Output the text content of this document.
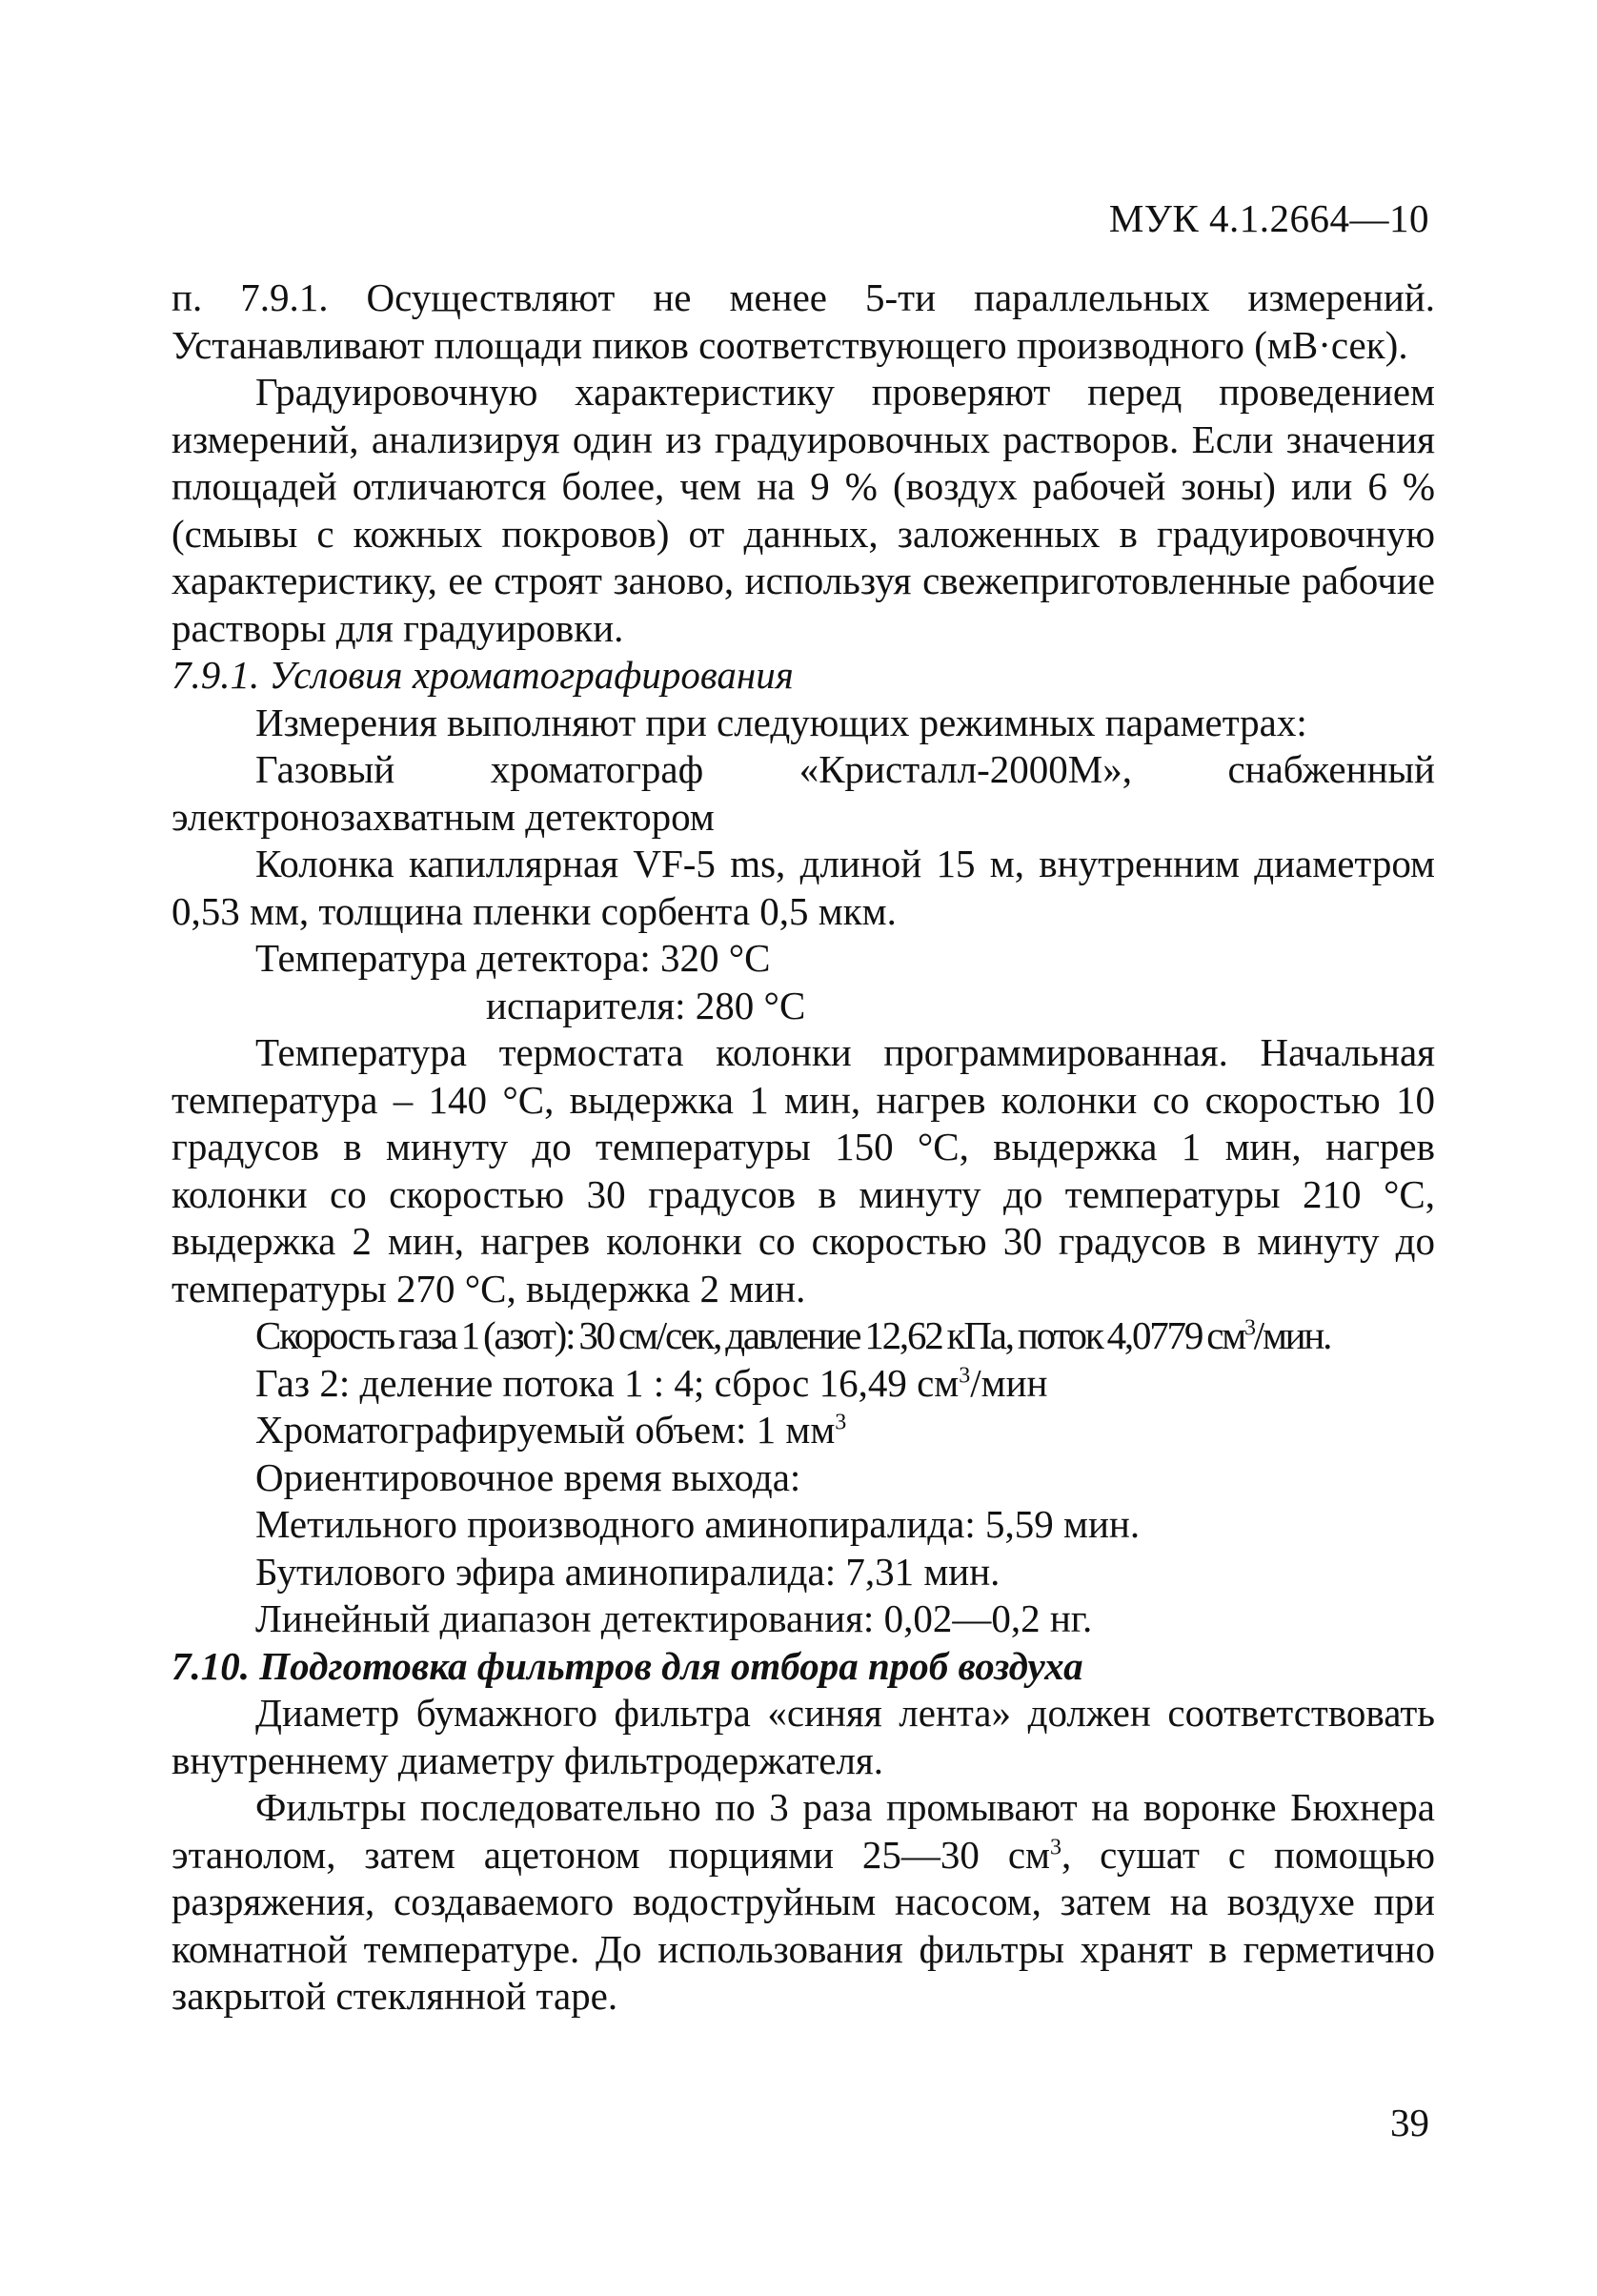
МУК 4.1.2664—10

п. 7.9.1. Осуществляют не менее 5-ти параллельных измерений. Устанавливают площади пиков соответствующего производного (мВ·сек).

Градуировочную характеристику проверяют перед проведением измерений, анализируя один из градуировочных растворов. Если значения площадей отличаются более, чем на 9 % (воздух рабочей зоны) или 6 % (смывы с кожных покровов) от данных, заложенных в градуировочную характеристику, ее строят заново, используя свежеприготовленные рабочие растворы для градуировки.

7.9.1. Условия хроматографирования

Измерения выполняют при следующих режимных параметрах:

Газовый хроматограф «Кристалл-2000М», снабженный электронозахватным детектором

Колонка капиллярная VF-5 ms, длиной 15 м, внутренним диаметром 0,53 мм, толщина пленки сорбента 0,5 мкм.

Температура детектора: 320 °С

испарителя: 280 °С

Температура термостата колонки программированная. Начальная температура – 140 °С, выдержка 1 мин, нагрев колонки со скоростью 10 градусов в минуту до температуры 150 °С, выдержка 1 мин, нагрев колонки со скоростью 30 градусов в минуту до температуры 210 °С, выдержка 2 мин, нагрев колонки со скоростью 30 градусов в минуту до температуры 270 °С, выдержка 2 мин.

Скорость газа 1 (азот): 30 см/сек, давление 12,62 кПа, поток 4,0779 $см^3$/мин.

Газ 2: деление потока 1 : 4; сброс 16,49 $см^3$/мин

Хроматографируемый объем: 1 $мм^3$

Ориентировочное время выхода:

Метильного производного аминопиралида: 5,59 мин.

Бутилового эфира аминопиралида: 7,31 мин.

Линейный диапазон детектирования: 0,02—0,2 нг.

7.10. Подготовка фильтров для отбора проб воздуха

Диаметр бумажного фильтра «синяя лента» должен соответствовать внутреннему диаметру фильтродержателя.

Фильтры последовательно по 3 раза промывают на воронке Бюхнера этанолом, затем ацетоном порциями 25—30 $см^3$, сушат с помощью разряжения, создаваемого водоструйным насосом, затем на воздухе при комнатной температуре. До использования фильтры хранят в герметично закрытой стеклянной таре.

39
